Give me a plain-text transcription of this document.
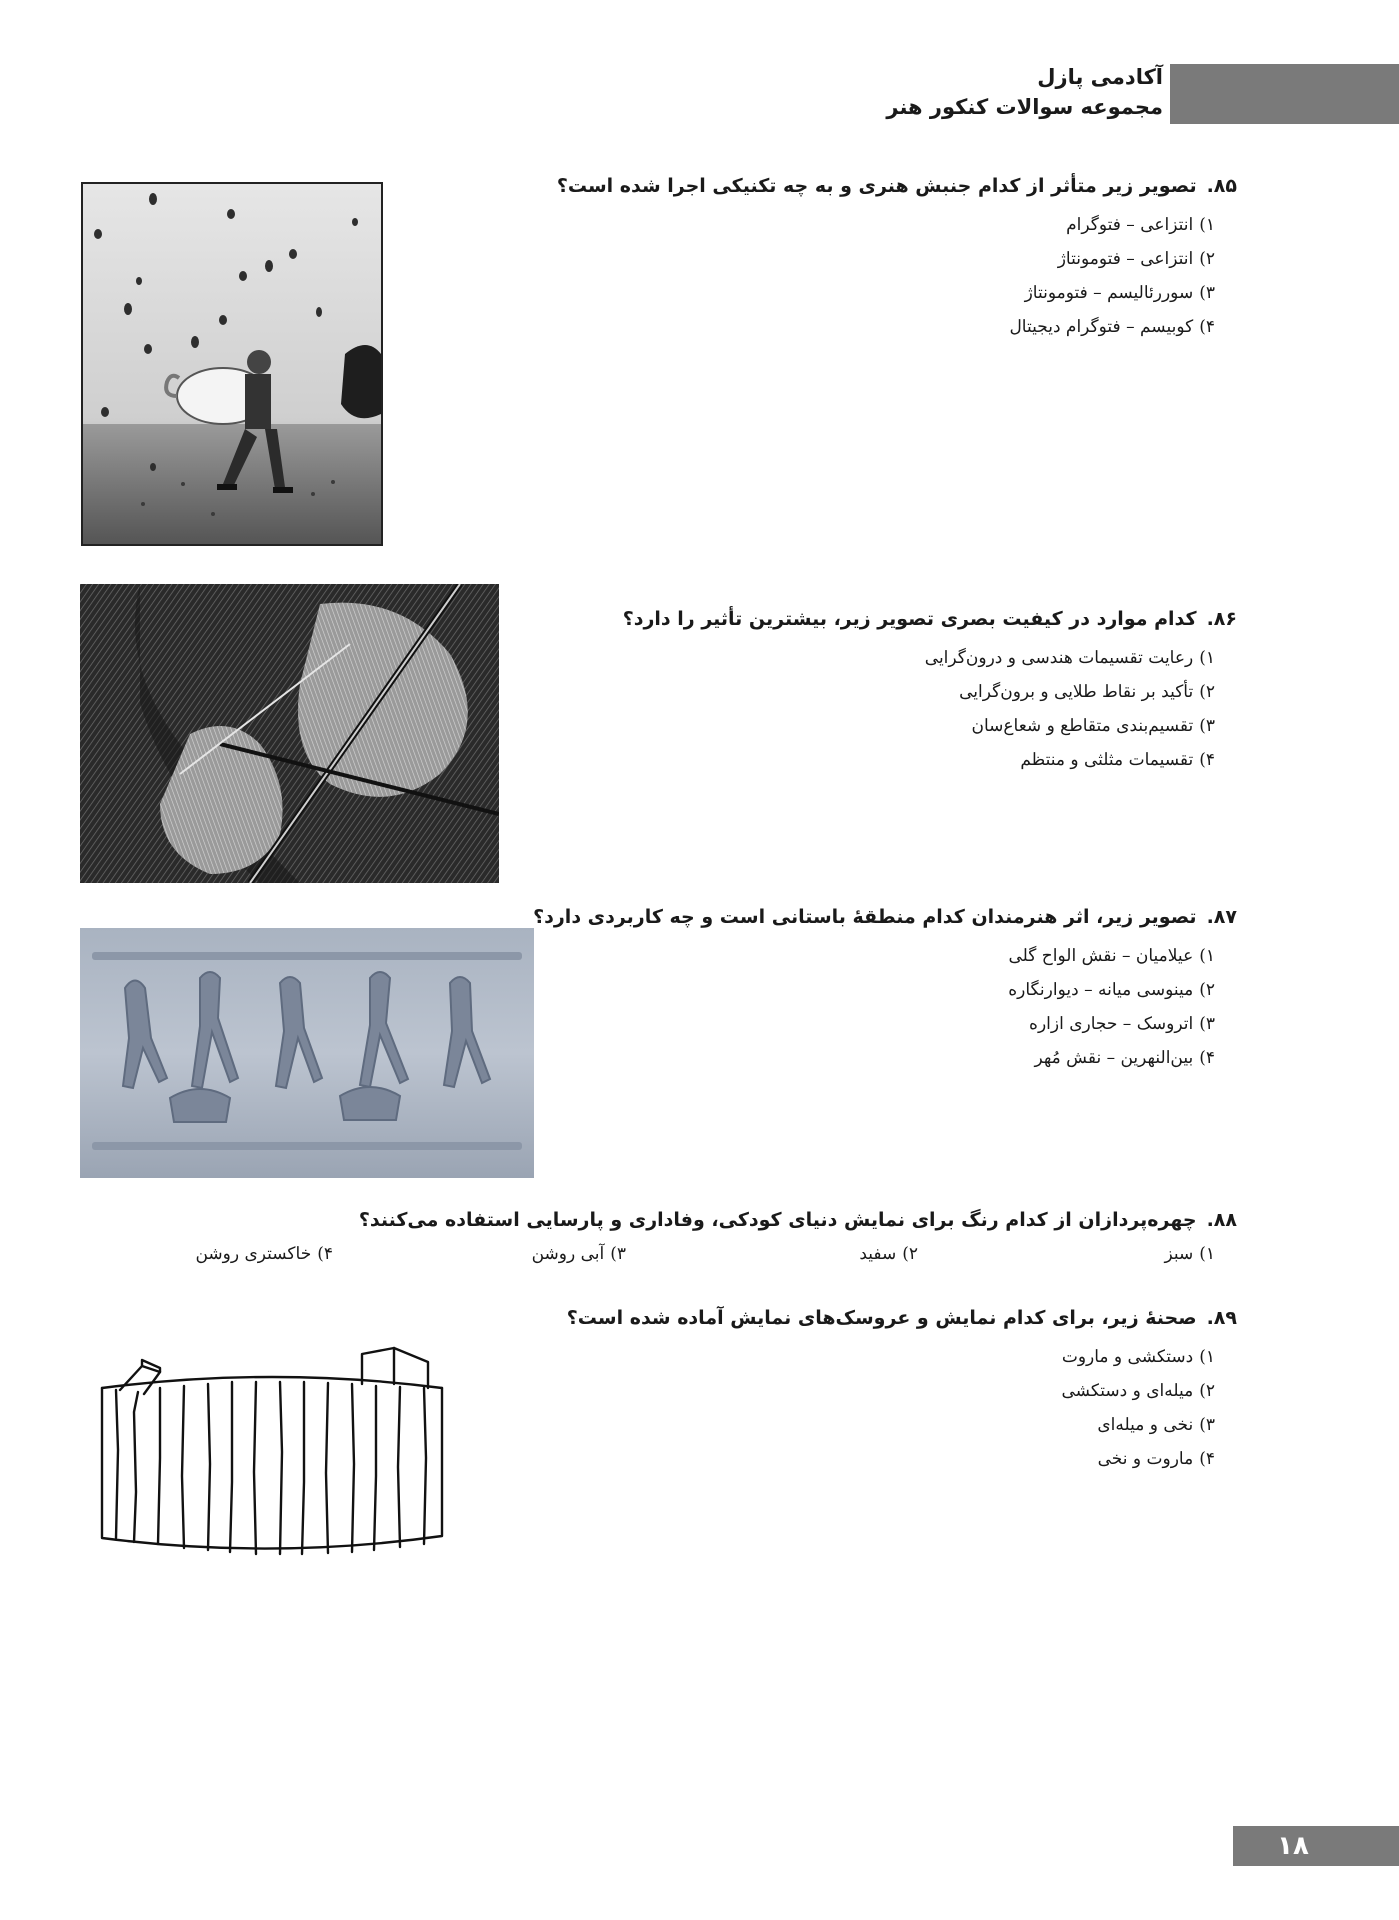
آکادمی پازل
مجموعه سوالات کنکور هنر
۸۵.تصویر زیر متأثر از کدام جنبش هنری و به چه تکنیکی اجرا شده است؟
۱)انتزاعی – فتوگرام
۲)انتزاعی – فتومونتاژ
۳)سوررئالیسم – فتومونتاژ
۴)کوبیسم – فتوگرام دیجیتال
۸۶.کدام موارد در کیفیت بصری تصویر زیر، بیشترین تأثیر را دارد؟
۱)رعایت تقسیمات هندسی و درون‌گرایی
۲)تأکید بر نقاط طلایی و برون‌گرایی
۳)تقسیم‌بندی متقاطع و شعاع‌سان
۴)تقسیمات مثلثی و منتظم
۸۷.تصویر زیر، اثر هنرمندان کدام منطقهٔ باستانی است و چه کاربردی دارد؟
۱)عیلامیان – نقش الواح گلی
۲)مینوسی میانه – دیوارنگاره
۳)اتروسک – حجاری ازاره
۴)بین‌النهرین – نقش مُهر
۸۸.چهره‌پردازان از کدام رنگ برای نمایش دنیای کودکی، وفاداری و پارسایی استفاده می‌کنند؟
۱)سبز
۲)سفید
۳)آبی روشن
۴)خاکستری روشن
۸۹.صحنهٔ زیر، برای کدام نمایش و عروسک‌های نمایش آماده شده است؟
۱)دستکشی و ماروت
۲)میله‌ای و دستکشی
۳)نخی و میله‌ای
۴)ماروت و نخی
۱۸
